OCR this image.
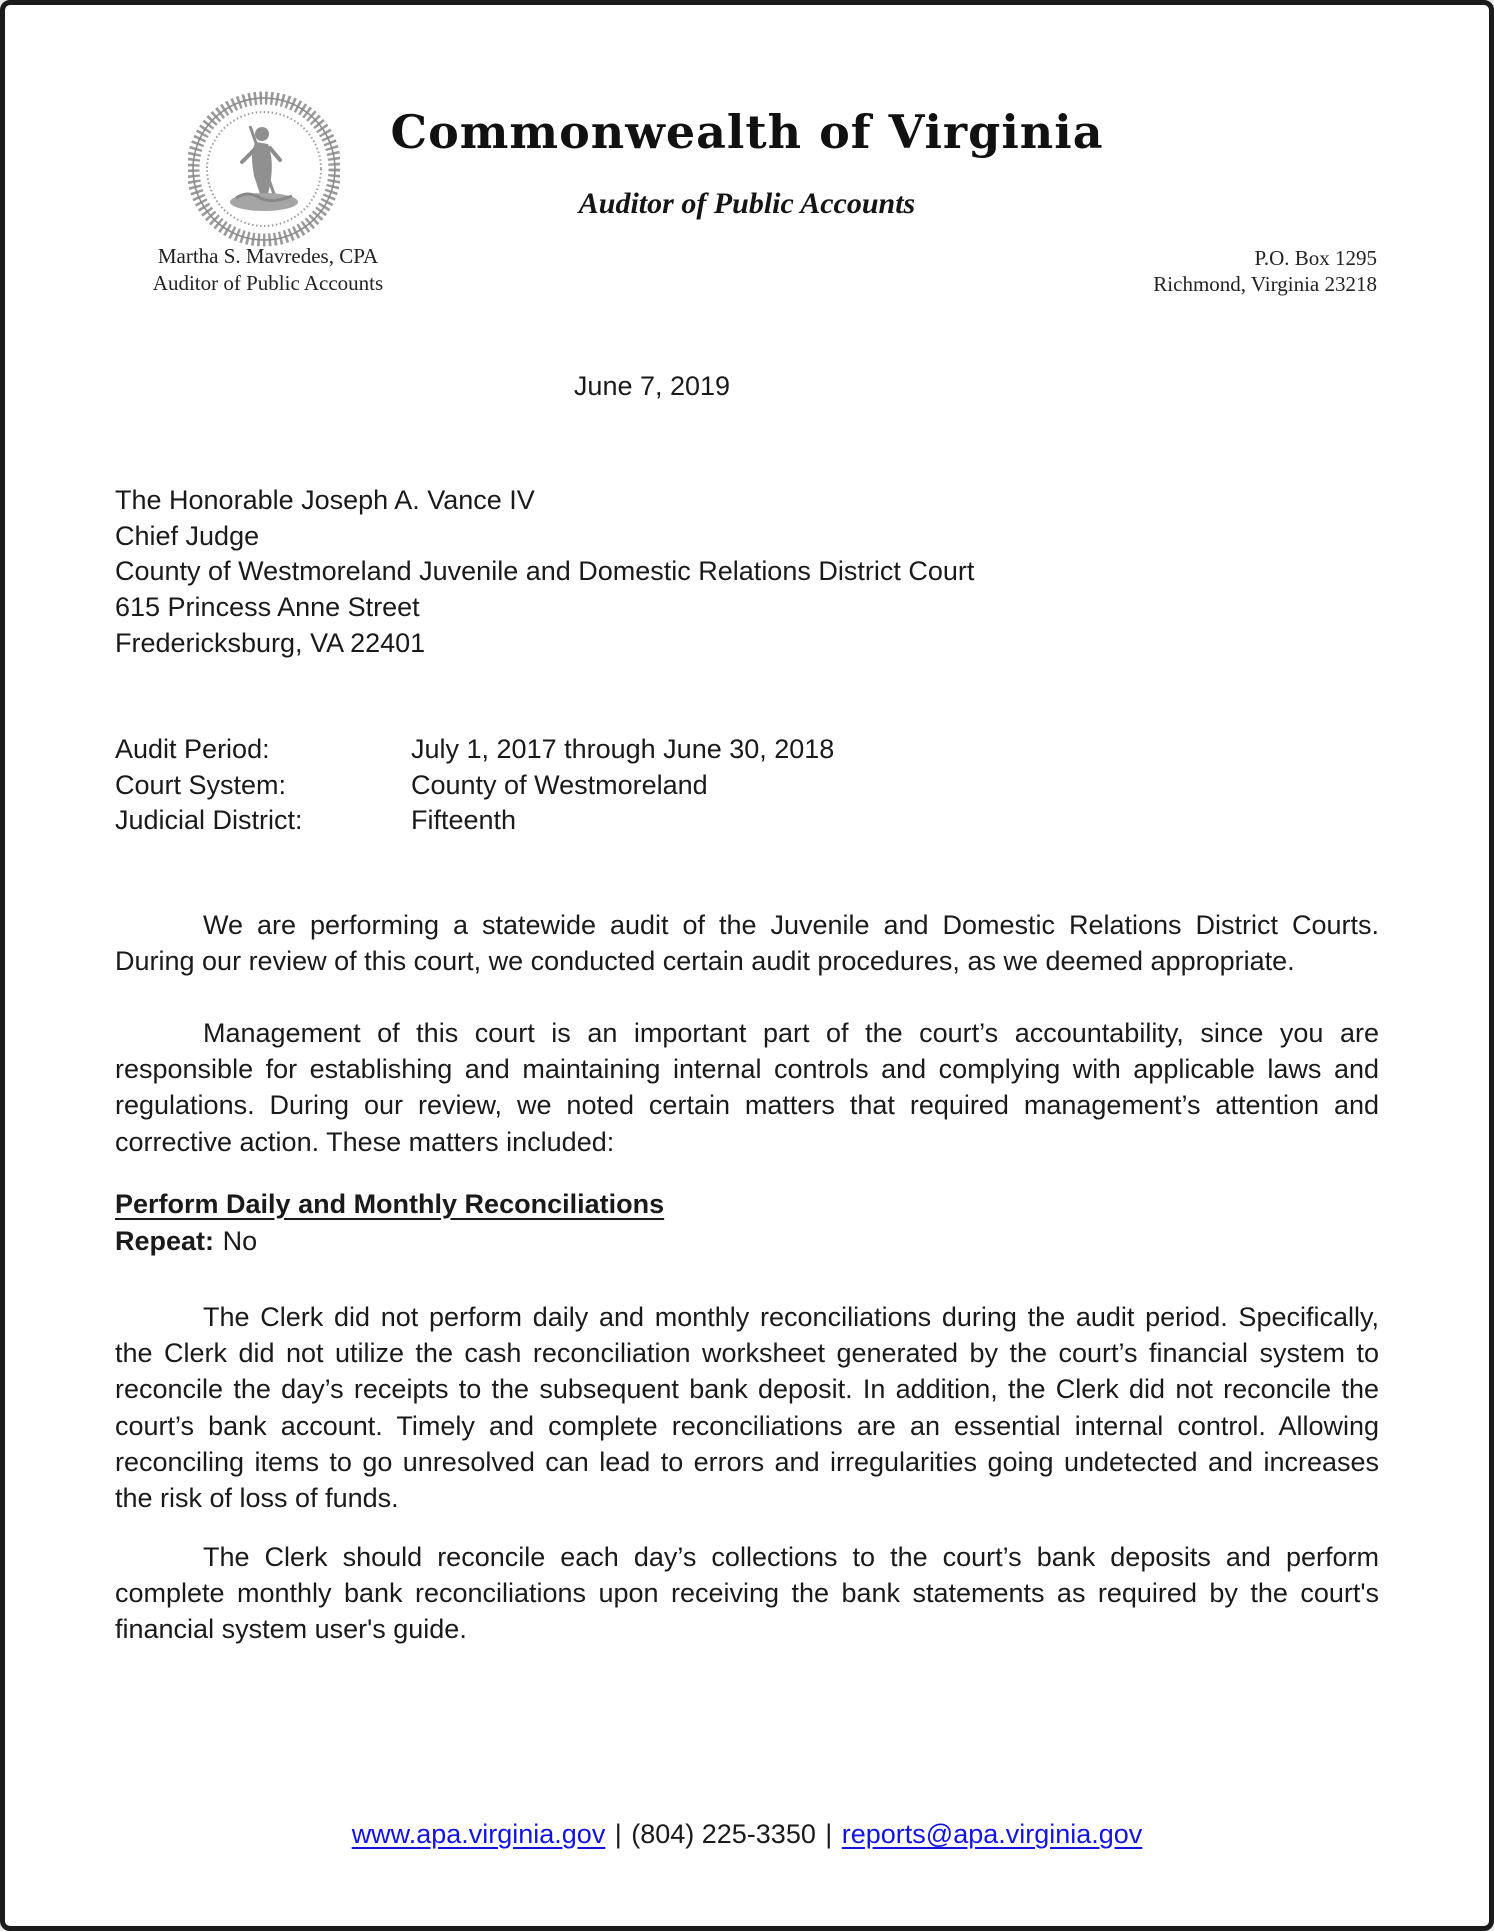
Commonwealth of Virginia
Auditor of Public Accounts
Martha S. Mavredes, CPA
Auditor of Public Accounts
P.O. Box 1295
Richmond, Virginia 23218
June 7, 2019
The Honorable Joseph A. Vance IV
Chief Judge
County of Westmoreland Juvenile and Domestic Relations District Court
615 Princess Anne Street
Fredericksburg, VA 22401
Audit Period:	July 1, 2017 through June 30, 2018
Court System:	County of Westmoreland
Judicial District:	Fifteenth

We are performing a statewide audit of the Juvenile and Domestic Relations District Courts. During our review of this court, we conducted certain audit procedures, as we deemed appropriate.

Management of this court is an important part of the court’s accountability, since you are responsible for establishing and maintaining internal controls and complying with applicable laws and regulations. During our review, we noted certain matters that required management’s attention and corrective action. These matters included:

Perform Daily and Monthly Reconciliations
Repeat: No

The Clerk did not perform daily and monthly reconciliations during the audit period. Specifically, the Clerk did not utilize the cash reconciliation worksheet generated by the court’s financial system to reconcile the day’s receipts to the subsequent bank deposit. In addition, the Clerk did not reconcile the court’s bank account. Timely and complete reconciliations are an essential internal control. Allowing reconciling items to go unresolved can lead to errors and irregularities going undetected and increases the risk of loss of funds.

The Clerk should reconcile each day’s collections to the court’s bank deposits and perform complete monthly bank reconciliations upon receiving the bank statements as required by the court's financial system user's guide.

www.apa.virginia.gov | (804) 225-3350 | reports@apa.virginia.gov
